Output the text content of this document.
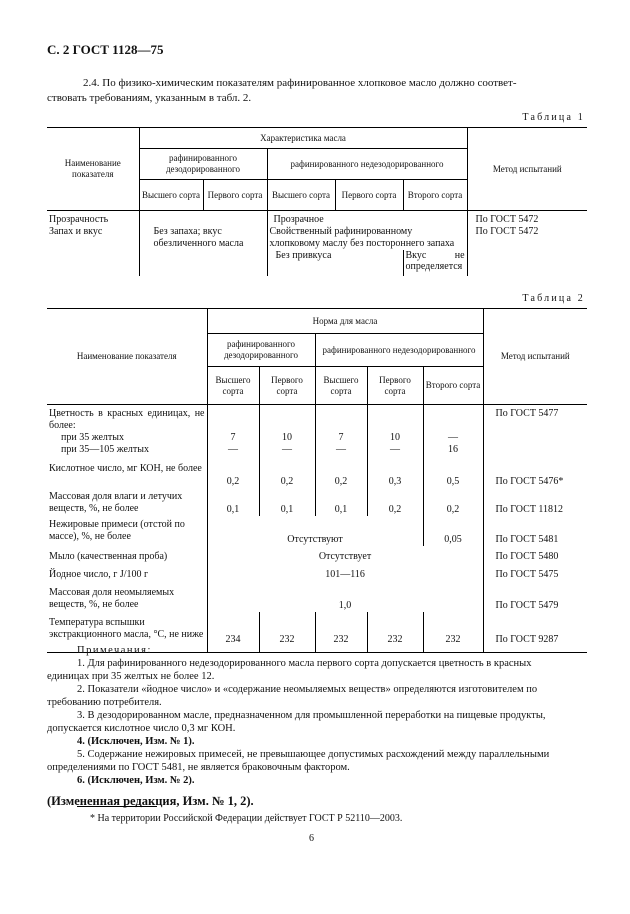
С. 2 ГОСТ 1128—75
2.4. По физико-химическим показателям рафинированное хлопковое масло должно соответ-
ствовать требованиям, указанным в табл. 2.
Таблица 1
Наименование показателя	Характеристика масла					Метод испытаний
	рафинированного дезодорированного		рафинированного недезодорированного			
	Высшего сорта	Первого сорта	Высшего сорта	Первого сорта	Второго сорта	
Прозрачность			Прозрачное			По ГОСТ 5472
Запах и вкус	Без запаха; вкус обезличенного масла		Свойственный рафинированному хлопковому маслу без постороннего запаха			По ГОСТ 5472
			Без привкуса		Вкус не определяется	

Таблица 2
Наименование показателя	Норма для масла					Метод испытаний
	рафинированного дезодорированного		рафинированного недезодорированного			
	Высшего сорта	Первого сорта	Высшего сорта	Первого сорта	Второго сорта	

Цветность в красных единицах, не более:						По ГОСТ 5477
при 35 желтых	7	10	7	10	—	
при 35—105 желтых	—	—	—	—	16	
Кислотное число, мг КОН, не более	0,2	0,2	0,2	0,3	0,5	По ГОСТ 5476*
Массовая доля влаги и летучих веществ, %, не более	0,1	0,1	0,1	0,2	0,2	По ГОСТ 11812
Нежировые примеси (отстой по массе), %, не более	Отсутствуют				0,05	По ГОСТ 5481
Мыло (качественная проба)	Отсутствует					По ГОСТ 5480
Йодное число, г J/100 г	101—116					По ГОСТ 5475
Массовая доля неомыляемых веществ, %, не более	1,0					По ГОСТ 5479
Температура вспышки экстракционного масла, °С, не ниже	234	232	232	232	232	По ГОСТ 9287
Примечания:
1. Для рафинированного недезодорированного масла первого сорта допускается цветность в красных
единицах при 35 желтых не более 12.
2. Показатели «йодное число» и «содержание неомыляемых веществ» определяются изготовителем по
требованию потребителя.
3. В дезодорированном масле, предназначенном для промышленной переработки на пищевые продукты,
допускается кислотное число 0,3 мг КОН.
4. (Исключен, Изм. № 1).
5. Содержание нежировых примесей, не превышающее допустимых расхождений между параллельными
определениями по ГОСТ 5481, не является браковочным фактором.
6. (Исключен, Изм. № 2).
(Измененная редакция, Изм. № 1, 2).
* На территории Российской Федерации действует ГОСТ Р 52110—2003.
6
